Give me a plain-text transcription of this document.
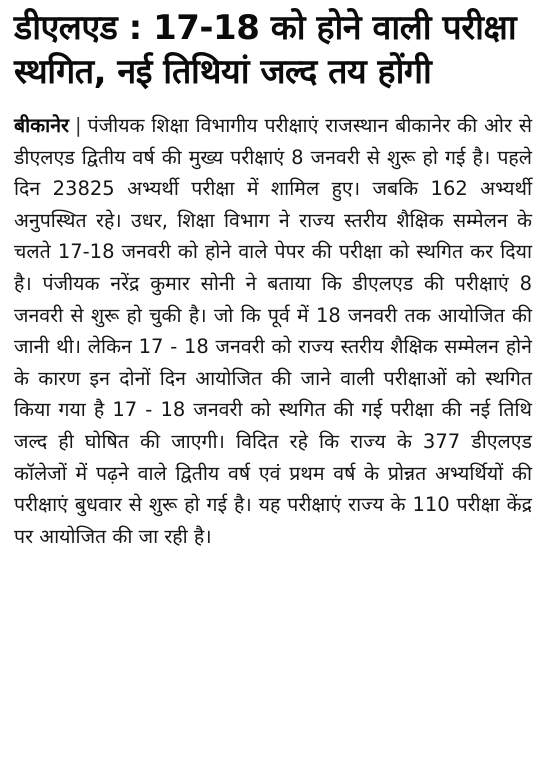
डीएलएड : 17-18 को होने वाली परीक्षा
स्थगित, नई तिथियां जल्द तय होंगी

बीकानेर | पंजीयक शिक्षा विभागीय परीक्षाएं राजस्थान बीकानेर की ओर से डीएलएड द्वितीय वर्ष की मुख्य परीक्षाएं 8 जनवरी से शुरू हो गई है। पहले दिन 23825 अभ्यर्थी परीक्षा में शामिल हुए। जबकि 162 अभ्यर्थी अनुपस्थित रहे। उधर, शिक्षा विभाग ने राज्य स्तरीय शैक्षिक सम्मेलन के चलते 17-18 जनवरी को होने वाले पेपर की परीक्षा को स्थगित कर दिया है। पंजीयक नरेंद्र कुमार सोनी ने बताया कि डीएलएड की परीक्षाएं 8 जनवरी से शुरू हो चुकी है। जो कि पूर्व में 18 जनवरी तक आयोजित की जानी थी। लेकिन 17 - 18 जनवरी को राज्य स्तरीय शैक्षिक सम्मेलन होने के कारण इन दोनों दिन आयोजित की जाने वाली परीक्षाओं को स्थगित किया गया है 17 - 18 जनवरी को स्थगित की गई परीक्षा की नई तिथि जल्द ही घोषित की जाएगी। विदित रहे कि राज्य के 377 डीएलएड कॉलेजों में पढ़ने वाले द्वितीय वर्ष एवं प्रथम वर्ष के प्रोन्नत अभ्यर्थियों की परीक्षाएं बुधवार से शुरू हो गई है। यह परीक्षाएं राज्य के 110 परीक्षा केंद्र पर आयोजित की जा रही है।
